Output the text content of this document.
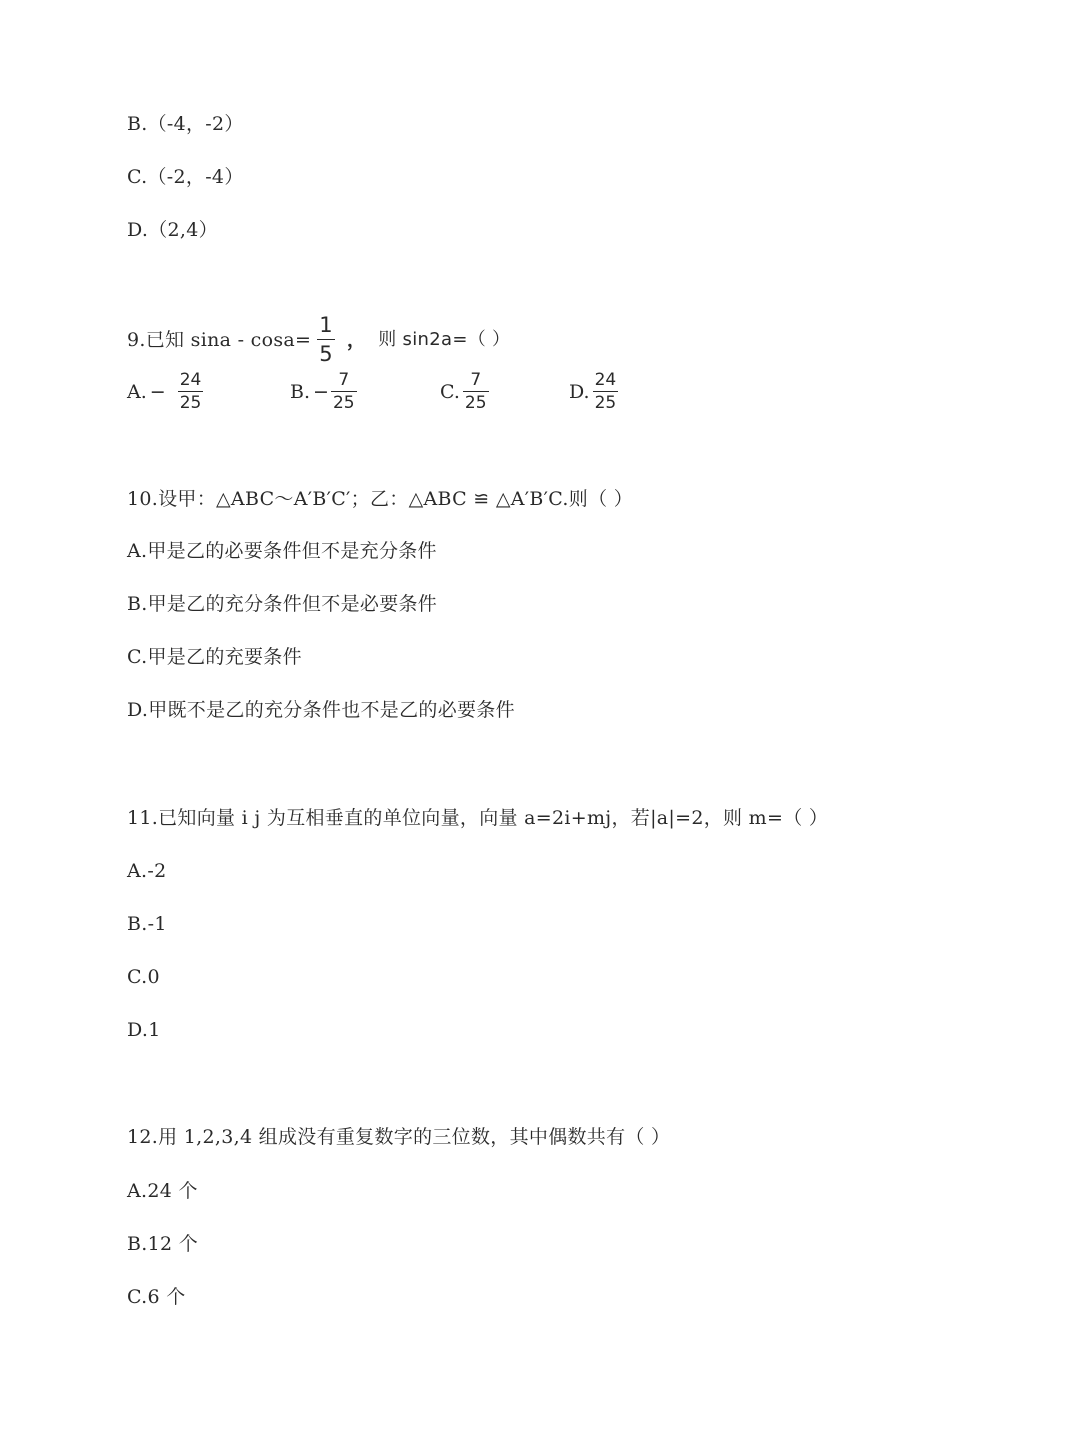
B.（-4，-2）
C.（-2，-4）
D.（2,4）
9.已知 $\sin a - \cos a= \frac{1}{5}$ ， 则 sin2a=（ ）
A. − $\frac{24}{25}$	B. − $\frac{7}{25}$	C. $\frac{7}{25}$	D. $\frac{24}{25}$
10.设甲：△ABC～A′B′C′；乙：△ABC ≌ △A′B′C.则（ ）
A.甲是乙的必要条件但不是充分条件
B.甲是乙的充分条件但不是必要条件
C.甲是乙的充要条件
D.甲既不是乙的充分条件也不是乙的必要条件
11.已知向量 i j 为互相垂直的单位向量，向量 a=2i+mj，若|a|=2，则 m=（ ）
A.-2
B.-1
C.0
D.1
12.用 1,2,3,4 组成没有重复数字的三位数，其中偶数共有（ ）
A.24 个
B.12 个
C.6 个
